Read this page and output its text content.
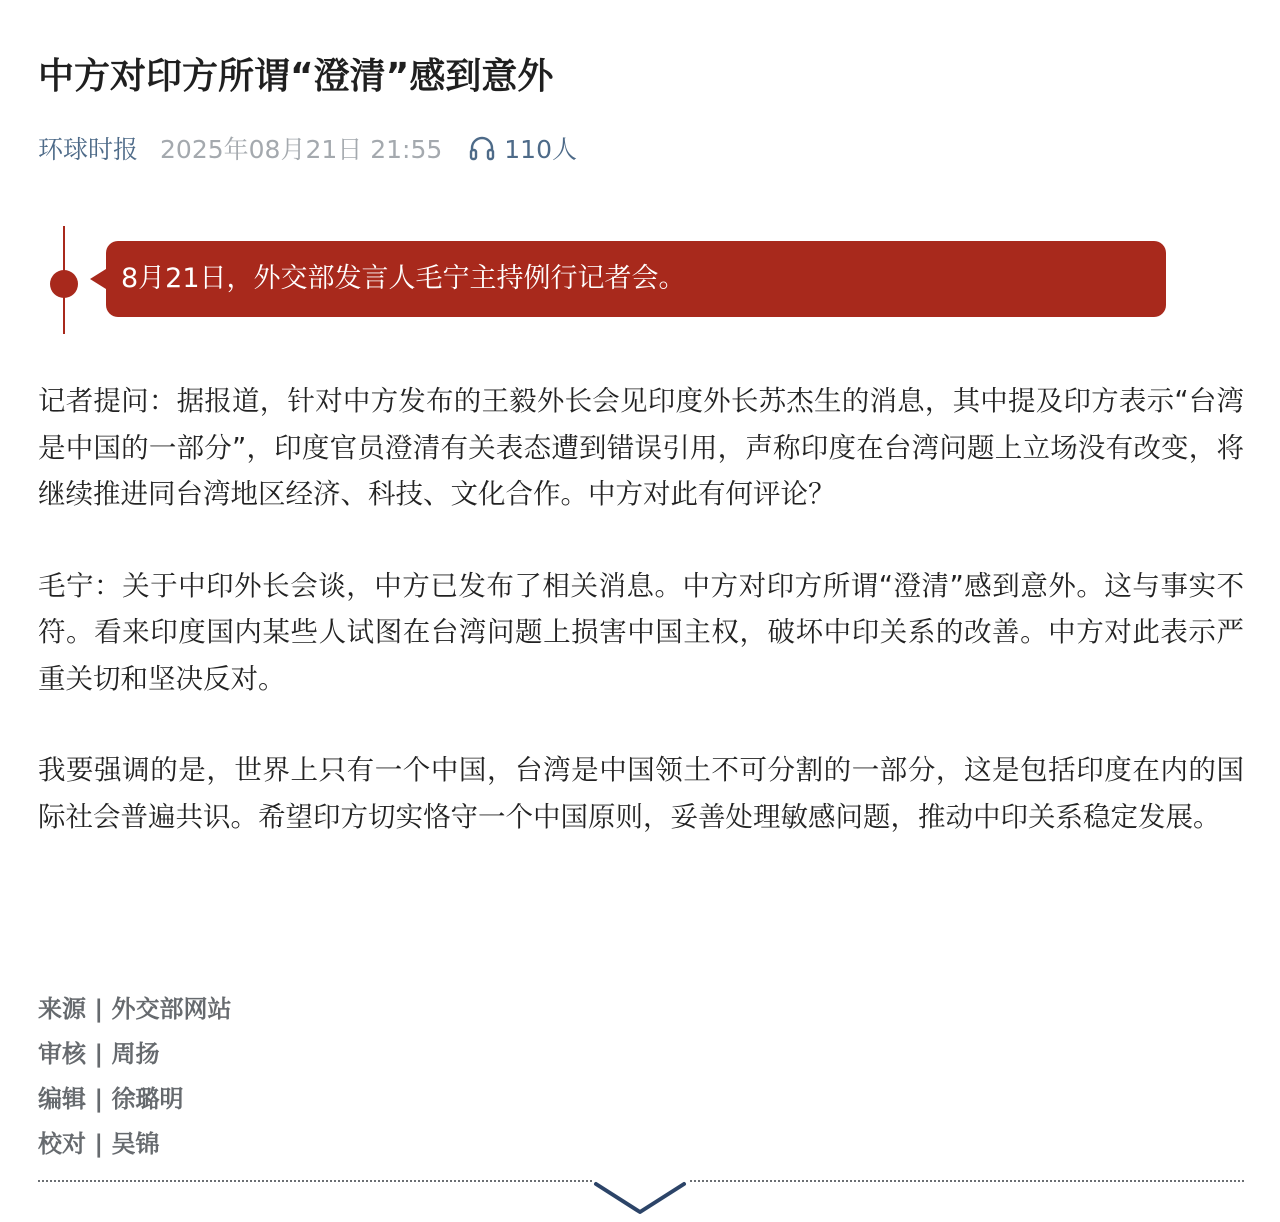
中方对印方所谓“澄清”感到意外
环球时报 2025年08月21日 21:55 110人
8月21日，外交部发言人毛宁主持例行记者会。

记者提问：据报道，针对中方发布的王毅外长会见印度外长苏杰生的消息，其中提及印方表示“台湾是中国的一部分”，印度官员澄清有关表态遭到错误引用，声称印度在台湾问题上立场没有改变，将继续推进同台湾地区经济、科技、文化合作。中方对此有何评论？

毛宁：关于中印外长会谈，中方已发布了相关消息。中方对印方所谓“澄清”感到意外。这与事实不符。看来印度国内某些人试图在台湾问题上损害中国主权，破坏中印关系的改善。中方对此表示严重关切和坚决反对。

我要强调的是，世界上只有一个中国，台湾是中国领土不可分割的一部分，这是包括印度在内的国际社会普遍共识。希望印方切实恪守一个中国原则，妥善处理敏感问题，推动中印关系稳定发展。

来源 | 外交部网站
审核 | 周扬
编辑 | 徐璐明
校对 | 吴锦
